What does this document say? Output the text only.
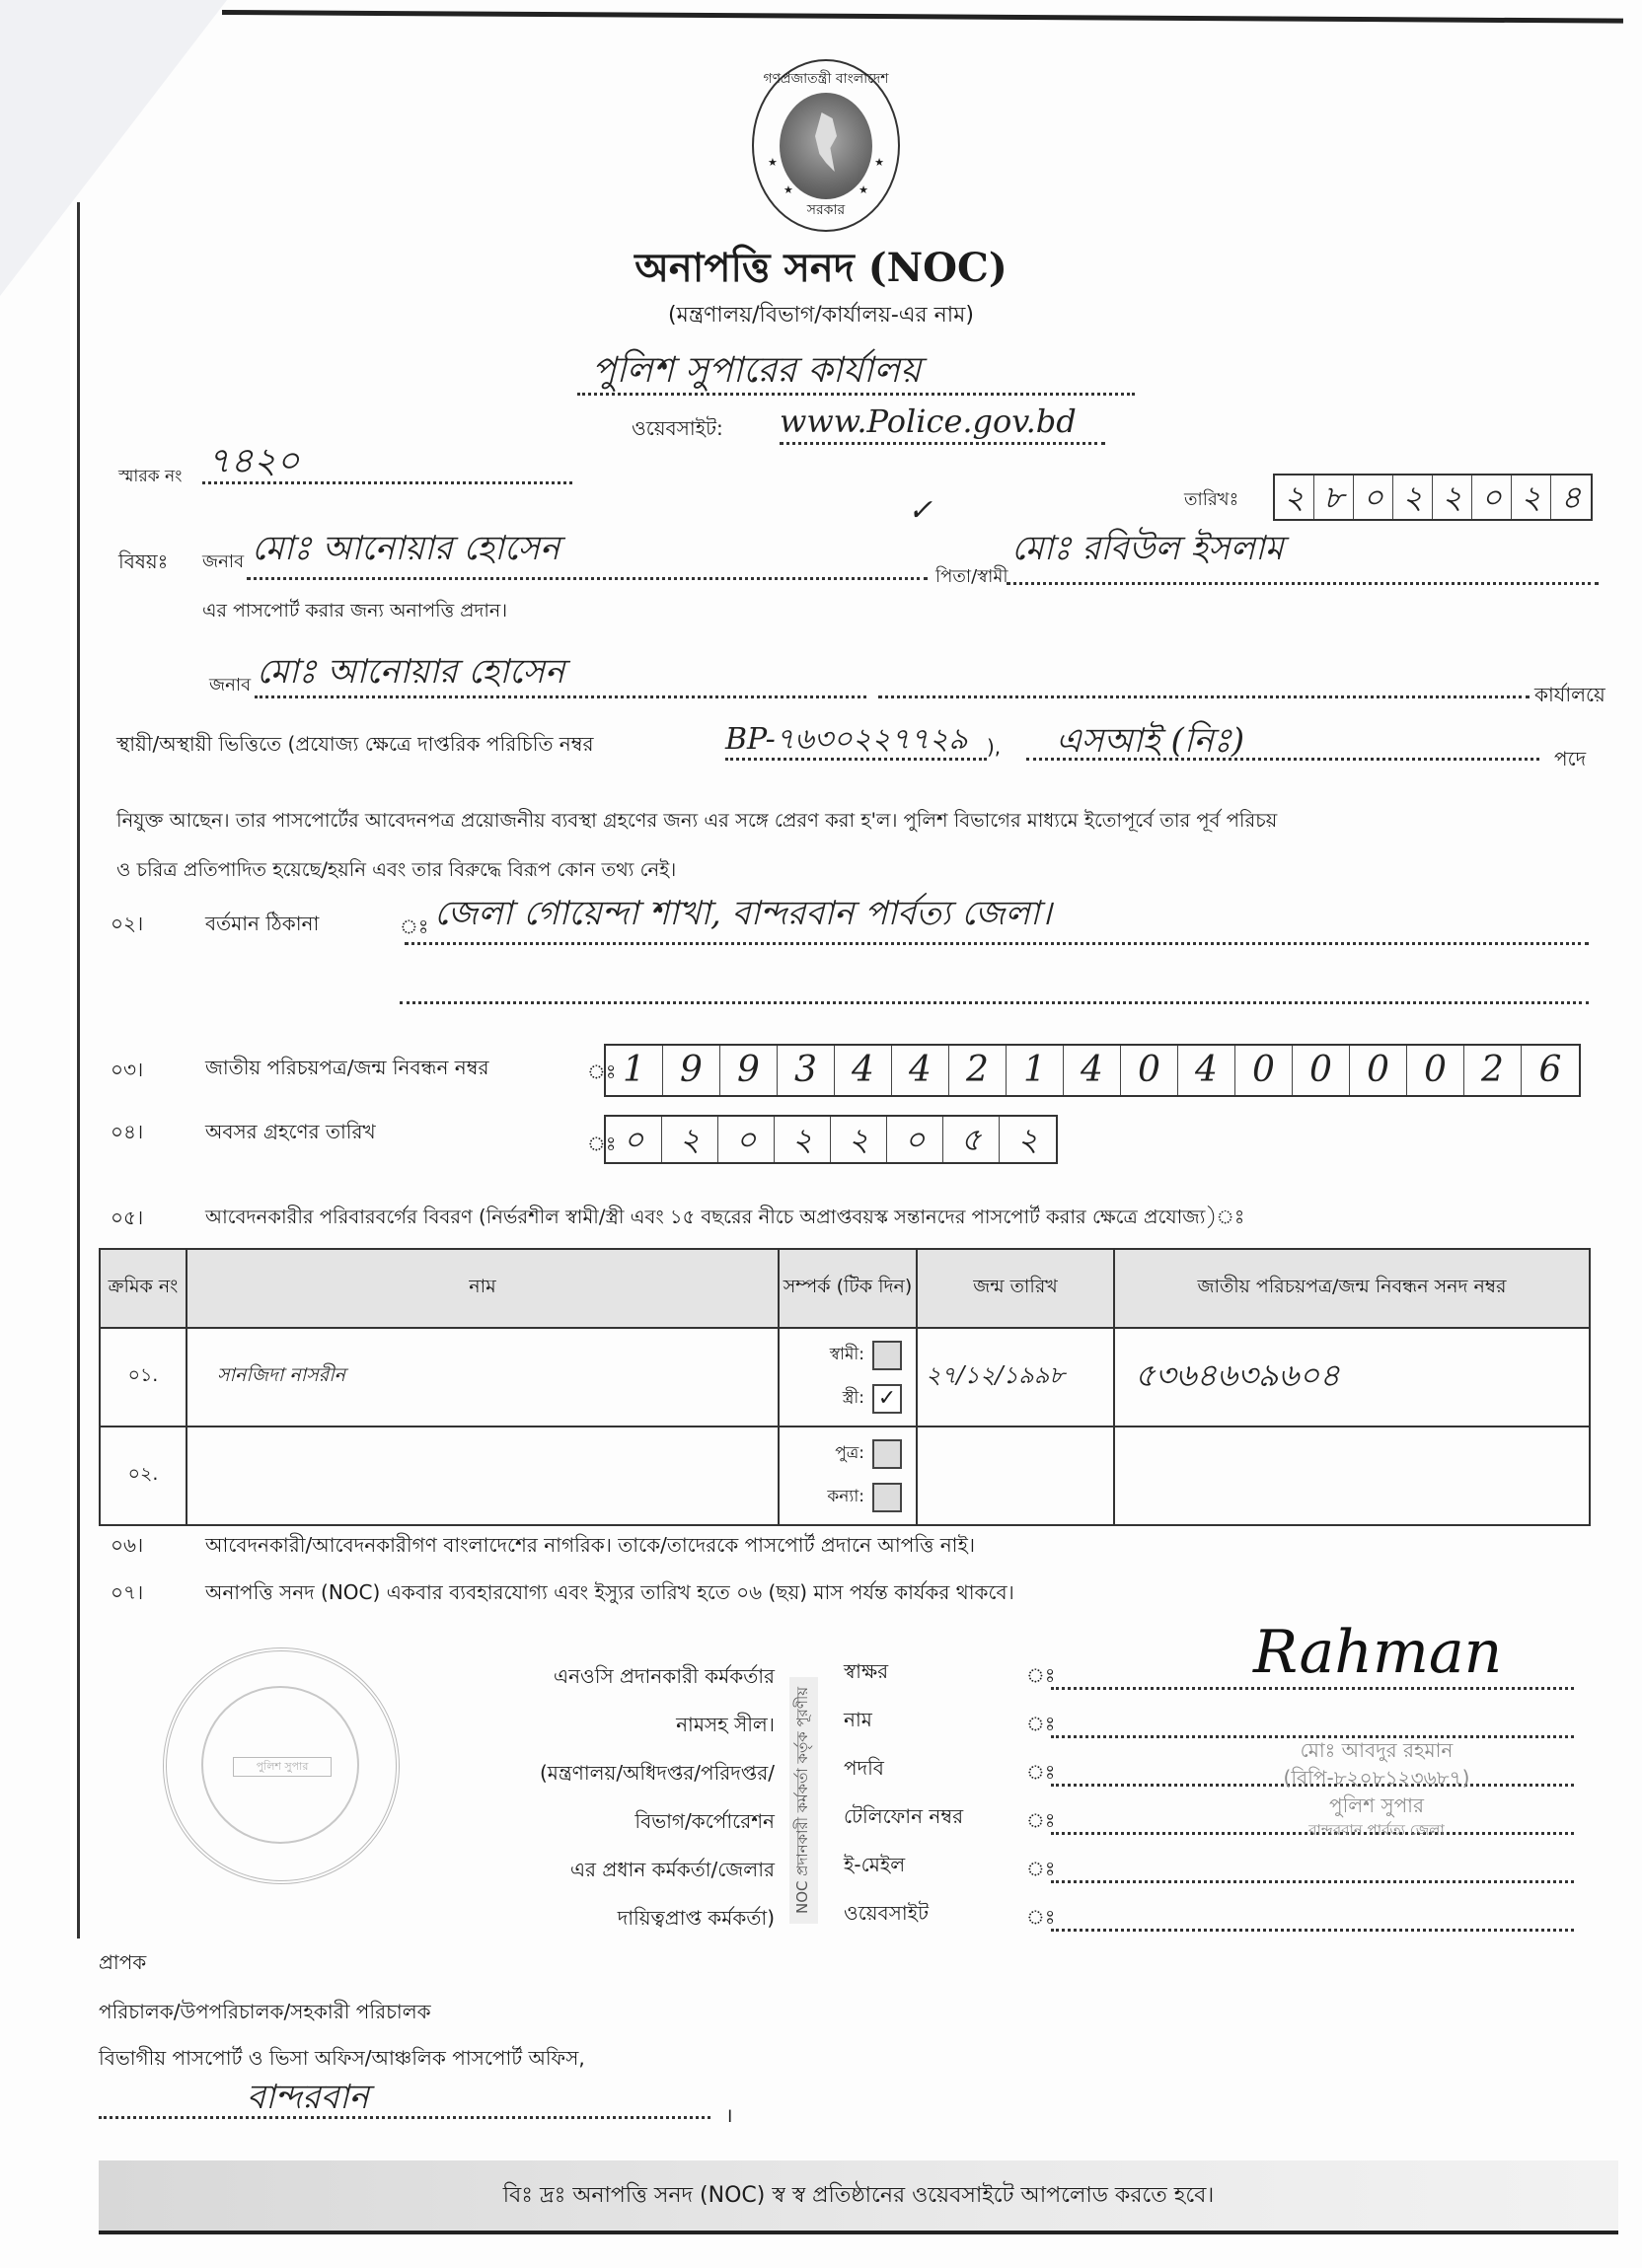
গণপ্রজাতন্ত্রী বাংলাদেশ
★	★
★	★
সরকার
অনাপত্তি সনদ (NOC)
(মন্ত্রণালয়/বিভাগ/কার্যালয়-এর নাম)
পুলিশ সুপারের কার্যালয়
ওয়েবসাইট: www.Police.gov.bd
স্মারক নং ৭৪২০
তারিখঃ ২ ৮ ০ ২ ২ ০ ২ ৪
বিষয়ঃ জনাব মোঃ আনোয়ার হোসেন
✓
পিতা/স্বামী
মোঃ রবিউল ইসলাম
এর পাসপোর্ট করার জন্য অনাপত্তি প্রদান।
জনাব মোঃ আনোয়ার হোসেন
কার্যালয়ে
স্থায়ী/অস্থায়ী ভিত্তিতে (প্রযোজ্য ক্ষেত্রে দাপ্তরিক পরিচিতি নম্বর	BP-৭৬৩০২২৭৭২৯ ), এসআই (নিঃ)	পদে
নিযুক্ত আছেন। তার পাসপোর্টের আবেদনপত্র প্রয়োজনীয় ব্যবস্থা গ্রহণের জন্য এর সঙ্গে প্রেরণ করা হ'ল। পুলিশ বিভাগের মাধ্যমে ইতোপূর্বে তার পূর্ব পরিচয়
ও চরিত্র প্রতিপাদিত হয়েছে/হয়নি এবং তার বিরুদ্ধে বিরূপ কোন তথ্য নেই।
০২।	বর্তমান ঠিকানা	ঃ জেলা গোয়েন্দা শাখা, বান্দরবান পার্বত্য জেলা।
০৩।	জাতীয় পরিচয়পত্র/জন্ম নিবন্ধন নম্বর	ঃ 1 9 9 3 4 4 2 1 4 0 4 0 0 0 0 2 6
০৪।	অবসর গ্রহণের তারিখ	ঃ ০	২	০	২	২	০	৫	২
০৫।	আবেদনকারীর পরিবারবর্গের বিবরণ (নির্ভরশীল স্বামী/স্ত্রী এবং ১৫ বছরের নীচে অপ্রাপ্তবয়স্ক সন্তানদের পাসপোর্ট করার ক্ষেত্রে প্রযোজ্য)ঃ
ক্রমিক নং	নাম	সম্পর্ক (টিক দিন)	জন্ম তারিখ	জাতীয় পরিচয়পত্র/জন্ম নিবন্ধন সনদ নম্বর
০১.	সানজিদা নাসরীন	স্বামী:
স্ত্রী: ✓	২৭/১২/১৯৯৮	৫৩৬৪৬৩৯৬০৪
০২.		পুত্র:
কন্যা:		

০৬।	আবেদনকারী/আবেদনকারীগণ বাংলাদেশের নাগরিক। তাকে/তাদেরকে পাসপোর্ট প্রদানে আপত্তি নাই।
০৭।	অনাপত্তি সনদ (NOC) একবার ব্যবহারযোগ্য এবং ইস্যুর তারিখ হতে ০৬ (ছয়) মাস পর্যন্ত কার্যকর থাকবে।
পুলিশ সুপার
এনওসি প্রদানকারী কর্মকর্তার
নামসহ সীল।
(মন্ত্রণালয়/অধিদপ্তর/পরিদপ্তর/
বিভাগ/কর্পোরেশন
এর প্রধান কর্মকর্তা/জেলার
দায়িত্বপ্রাপ্ত কর্মকর্তা)
NOC প্রদানকারী কর্মকর্তা কর্তৃক পূরণীয়
স্বাক্ষর	ঃ
নাম	ঃ
পদবি	ঃ
টেলিফোন নম্বর	ঃ
ই-মেইল	ঃ
ওয়েবসাইট	ঃ
Rahman
মোঃ আবদুর রহমান
(বিপি-৮২০৮১২৩৬৮৭)
পুলিশ সুপার
বান্দরবান পার্বত্য জেলা
প্রাপক
পরিচালক/উপপরিচালক/সহকারী পরিচালক
বিভাগীয় পাসপোর্ট ও ভিসা অফিস/আঞ্চলিক পাসপোর্ট অফিস,
বান্দরবান	।
বিঃ দ্রঃ অনাপত্তি সনদ (NOC) স্ব স্ব প্রতিষ্ঠানের ওয়েবসাইটে আপলোড করতে হবে।
